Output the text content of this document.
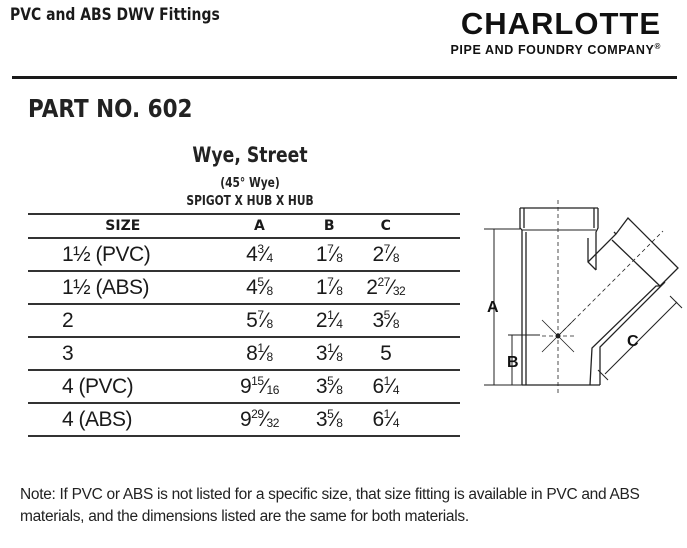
PVC and ABS DWV Fittings	CHARLOTTE
PIPE AND FOUNDRY COMPANY®
PART NO. 602
Wye, Street
(45° Wye)
SPIGOT X HUB X HUB
SIZE	A	B	C	
1½ (PVC)	$4^3⁄_4$	$1^7⁄_8$	$2^7⁄_8$	
1½ (ABS)	$4^5⁄_8$	$1^7⁄_8$	$2^{27}⁄_{32}$	
2	$5^7⁄_8$	$2^1⁄_4$	$3^5⁄_8$	
3	$8^1⁄_8$	$3^1⁄_8$	5	
4 (PVC)	$9^{15}⁄_{16}$	$3^5⁄_8$	$6^1⁄_4$	
4 (ABS)	$9^{29}⁄_{32}$	$3^5⁄_8$	$6^1⁄_4$	
A
B
C
Note: If PVC or ABS is not listed for a specific size, that size fitting is available in PVC and ABS materials, and the dimensions listed are the same for both materials.
